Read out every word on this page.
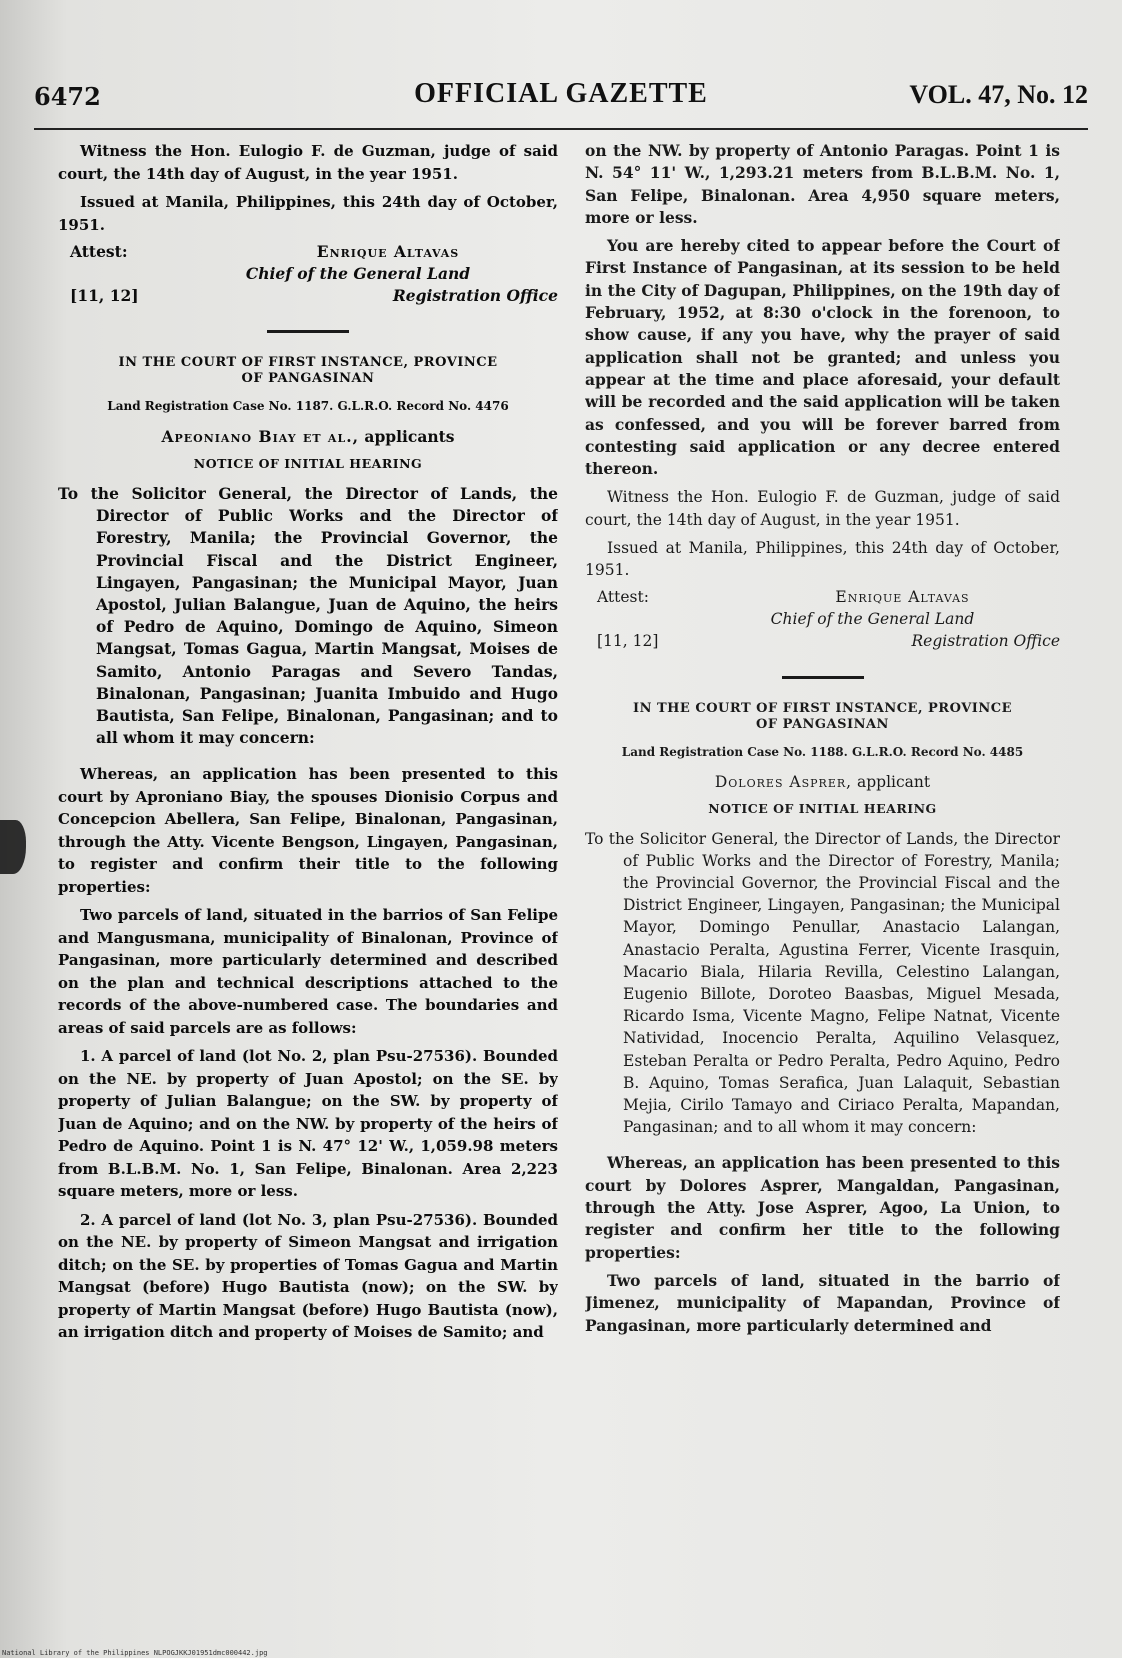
6472	OFFICIAL GAZETTE	VOL. 47, No. 12

Witness the Hon. Eulogio F. de Guzman, judge of said court, the 14th day of August, in the year 1951.

Issued at Manila, Philippines, this 24th day of October, 1951.

Attest:	Enrique Altavas
Chief of the General Land
[11, 12]	Registration Office
IN THE COURT OF FIRST INSTANCE, PROVINCE
OF PANGASINAN
Land Registration Case No. 1187. G.L.R.O. Record No. 4476
Apeoniano Biay et al., applicants
NOTICE OF INITIAL HEARING
To the Solicitor General, the Director of Lands, the Director of Public Works and the Director of Forestry, Manila; the Provincial Governor, the Provincial Fiscal and the District Engineer, Lingayen, Pangasinan; the Municipal Mayor, Juan Apostol, Julian Balangue, Juan de Aquino, the heirs of Pedro de Aquino, Domingo de Aquino, Simeon Mangsat, Tomas Gagua, Martin Mangsat, Moises de Samito, Antonio Paragas and Severo Tandas, Binalonan, Pangasinan; Juanita Imbuido and Hugo Bautista, San Felipe, Binalonan, Pangasinan; and to all whom it may concern:

Whereas, an application has been presented to this court by Aproniano Biay, the spouses Dionisio Corpus and Concepcion Abellera, San Felipe, Binalonan, Pangasinan, through the Atty. Vicente Bengson, Lingayen, Pangasinan, to register and confirm their title to the following properties:

Two parcels of land, situated in the barrios of San Felipe and Mangusmana, municipality of Binalonan, Province of Pangasinan, more particularly determined and described on the plan and technical descriptions attached to the records of the above-numbered case. The boundaries and areas of said parcels are as follows:

1. A parcel of land (lot No. 2, plan Psu-27536). Bounded on the NE. by property of Juan Apostol; on the SE. by property of Julian Balangue; on the SW. by property of Juan de Aquino; and on the NW. by property of the heirs of Pedro de Aquino. Point 1 is N. 47° 12' W., 1,059.98 meters from B.L.B.M. No. 1, San Felipe, Binalonan. Area 2,223 square meters, more or less.

2. A parcel of land (lot No. 3, plan Psu-27536). Bounded on the NE. by property of Simeon Mangsat and irrigation ditch; on the SE. by properties of Tomas Gagua and Martin Mangsat (before) Hugo Bautista (now); on the SW. by property of Martin Mangsat (before) Hugo Bautista (now), an irrigation ditch and property of Moises de Samito; and

on the NW. by property of Antonio Paragas. Point 1 is N. 54° 11' W., 1,293.21 meters from B.L.B.M. No. 1, San Felipe, Binalonan. Area 4,950 square meters, more or less.

You are hereby cited to appear before the Court of First Instance of Pangasinan, at its session to be held in the City of Dagupan, Philippines, on the 19th day of February, 1952, at 8:30 o'clock in the forenoon, to show cause, if any you have, why the prayer of said application shall not be granted; and unless you appear at the time and place aforesaid, your default will be recorded and the said application will be taken as confessed, and you will be forever barred from contesting said application or any decree entered thereon.

Witness the Hon. Eulogio F. de Guzman, judge of said court, the 14th day of August, in the year 1951.

Issued at Manila, Philippines, this 24th day of October, 1951.

Attest:	Enrique Altavas
Chief of the General Land
[11, 12]	Registration Office
IN THE COURT OF FIRST INSTANCE, PROVINCE
OF PANGASINAN
Land Registration Case No. 1188. G.L.R.O. Record No. 4485
Dolores Asprer, applicant
NOTICE OF INITIAL HEARING
To the Solicitor General, the Director of Lands, the Director of Public Works and the Director of Forestry, Manila; the Provincial Governor, the Provincial Fiscal and the District Engineer, Lingayen, Pangasinan; the Municipal Mayor, Domingo Penullar, Anastacio Lalangan, Anastacio Peralta, Agustina Ferrer, Vicente Irasquin, Macario Biala, Hilaria Revilla, Celestino Lalangan, Eugenio Billote, Doroteo Baasbas, Miguel Mesada, Ricardo Isma, Vicente Magno, Felipe Natnat, Vicente Natividad, Inocencio Peralta, Aquilino Velasquez, Esteban Peralta or Pedro Peralta, Pedro Aquino, Pedro B. Aquino, Tomas Serafica, Juan Lalaquit, Sebastian Mejia, Cirilo Tamayo and Ciriaco Peralta, Mapandan, Pangasinan; and to all whom it may concern:

Whereas, an application has been presented to this court by Dolores Asprer, Mangaldan, Pangasinan, through the Atty. Jose Asprer, Agoo, La Union, to register and confirm her title to the following properties:

Two parcels of land, situated in the barrio of Jimenez, municipality of Mapandan, Province of Pangasinan, more particularly determined and

National Library of the Philippines NLPOGJKKJ01951dmc000442.jpg
